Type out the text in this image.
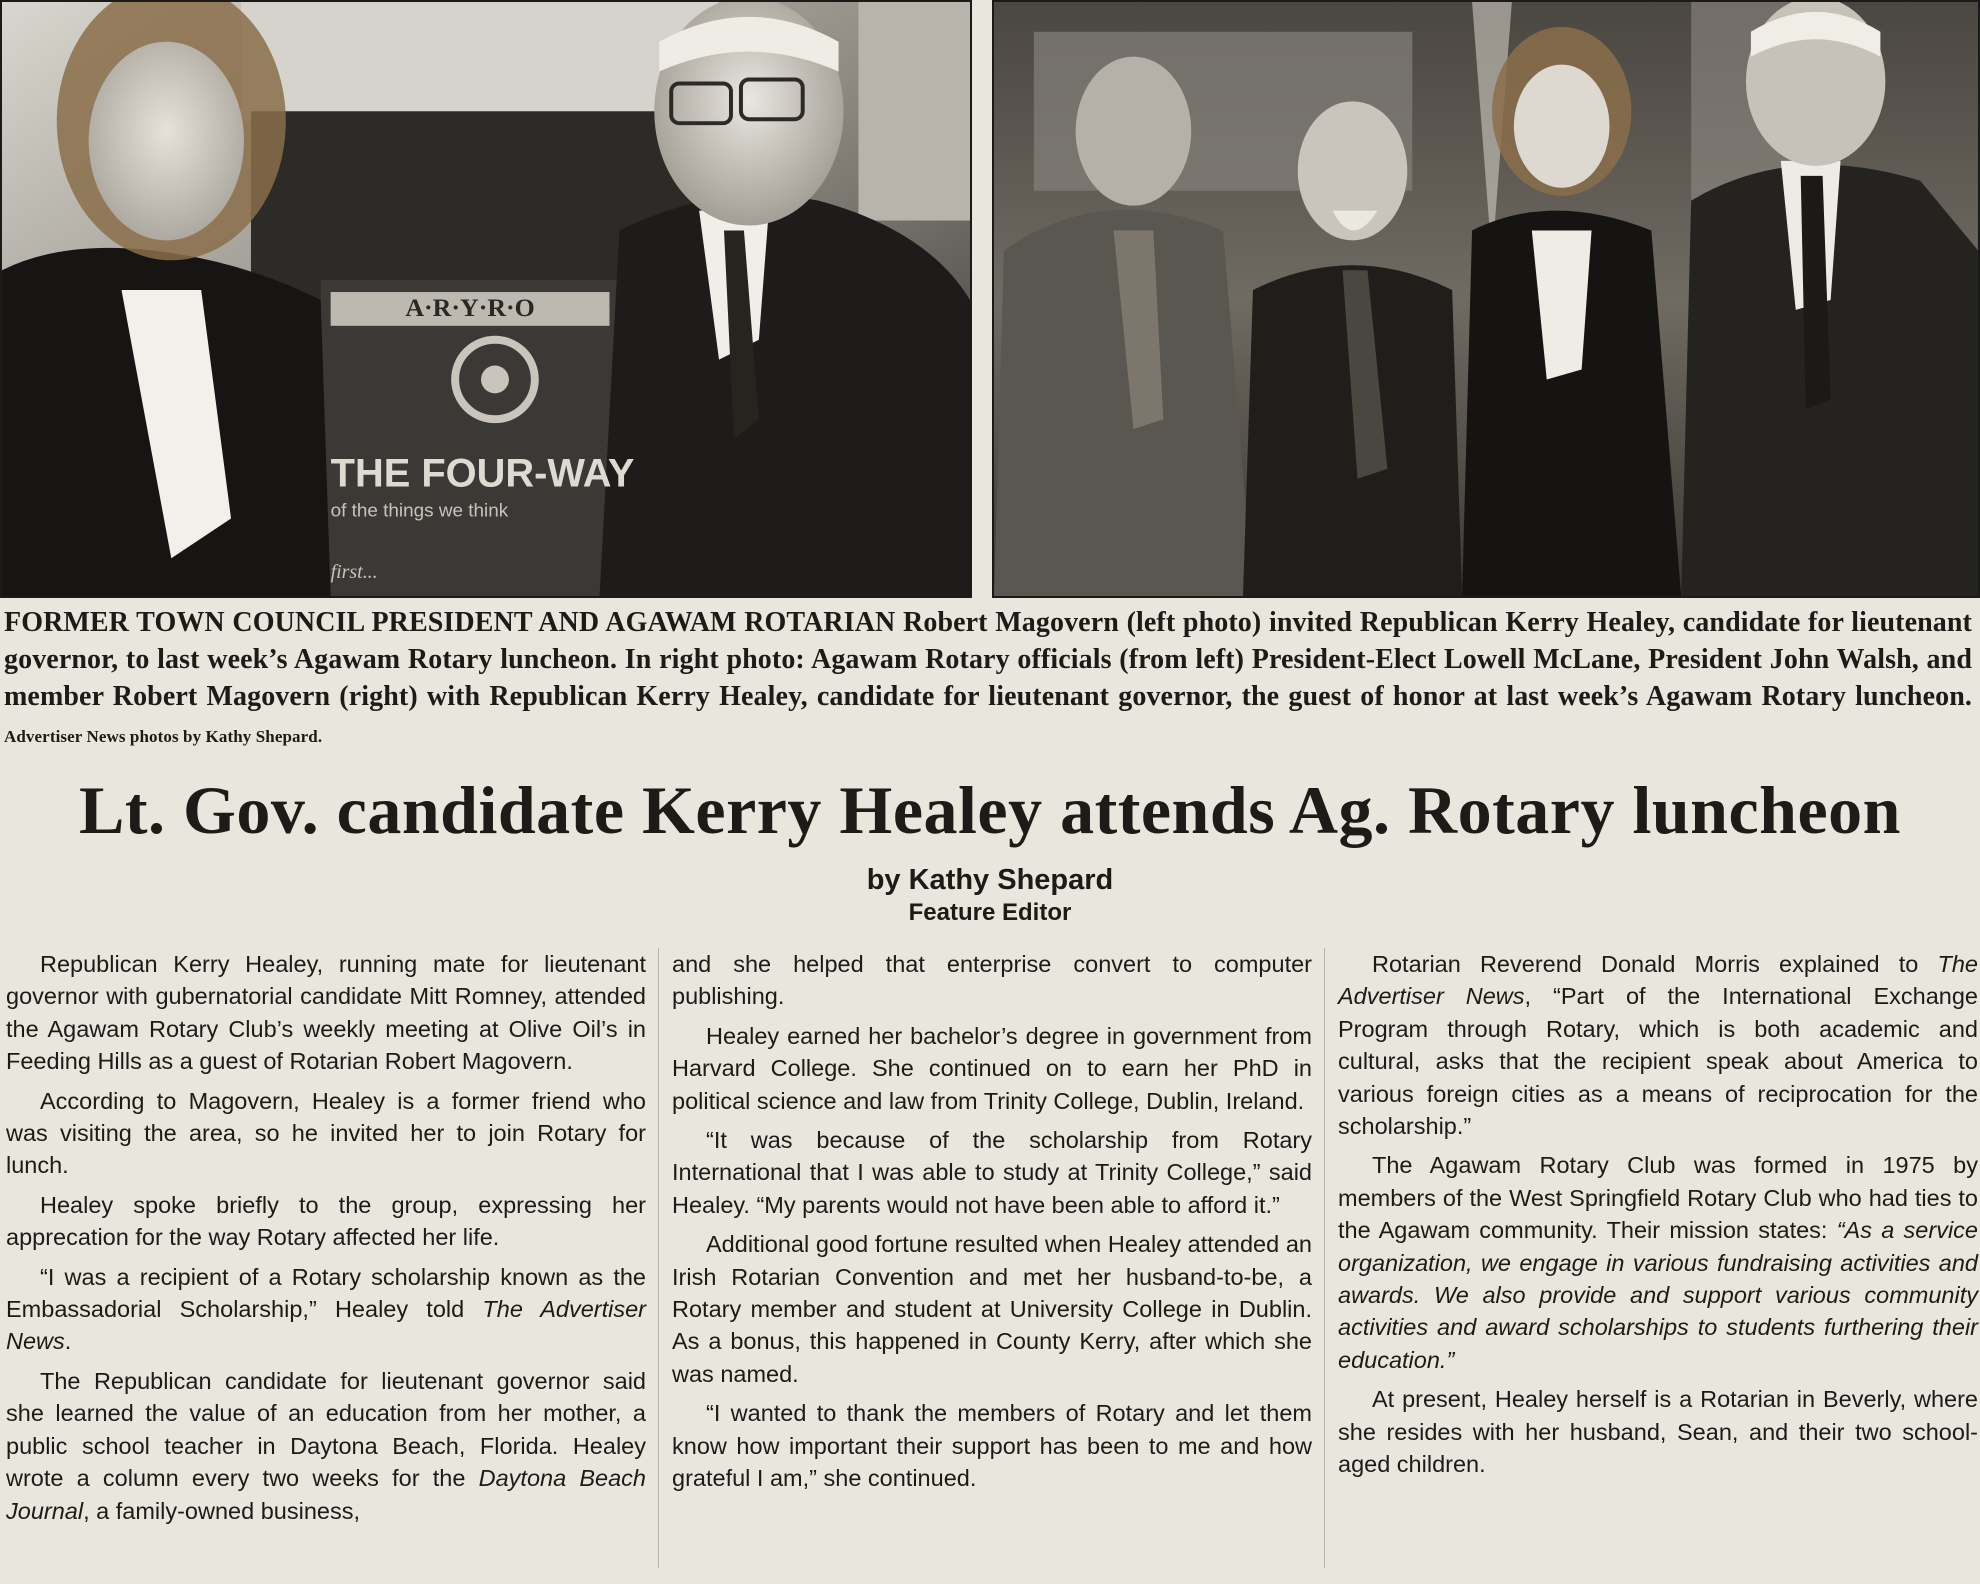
A·R·Y·R·O
THE FOUR-WAY
of the things we think
first...
FORMER TOWN COUNCIL PRESIDENT AND AGAWAM ROTARIAN Robert Magovern (left photo) invited Republican Kerry Healey, candidate for lieutenant governor, to last week’s Agawam Rotary luncheon. In right photo: Agawam Rotary officials (from left) President-Elect Lowell McLane, President John Walsh, and member Robert Magovern (right) with Republican Kerry Healey, candidate for lieutenant governor, the guest of honor at last week’s Agawam Rotary luncheon. Advertiser News photos by Kathy Shepard.
Lt. Gov. candidate Kerry Healey attends Ag. Rotary luncheon
by Kathy Shepard
Feature Editor

Republican Kerry Healey, running mate for lieutenant governor with gubernatorial candidate Mitt Romney, attended the Agawam Rotary Club’s weekly meeting at Olive Oil’s in Feeding Hills as a guest of Rotarian Robert Magovern.

According to Magovern, Healey is a former friend who was visiting the area, so he invited her to join Rotary for lunch.

Healey spoke briefly to the group, expressing her apprecation for the way Rotary affected her life.

“I was a recipient of a Rotary scholarship known as the Embassadorial Scholarship,” Healey told The Advertiser News.

The Republican candidate for lieutenant governor said she learned the value of an education from her mother, a public school teacher in Daytona Beach, Florida. Healey wrote a column every two weeks for the Daytona Beach Journal, a family-owned business,

and she helped that enterprise convert to computer publishing.

Healey earned her bachelor’s degree in government from Harvard College. She continued on to earn her PhD in political science and law from Trinity College, Dublin, Ireland.

“It was because of the scholarship from Rotary International that I was able to study at Trinity College,” said Healey. “My parents would not have been able to afford it.”

Additional good fortune resulted when Healey attended an Irish Rotarian Convention and met her husband-to-be, a Rotary member and student at University College in Dublin. As a bonus, this happened in County Kerry, after which she was named.

“I wanted to thank the members of Rotary and let them know how important their support has been to me and how grateful I am,” she continued.

Rotarian Reverend Donald Morris explained to The Advertiser News, “Part of the International Exchange Program through Rotary, which is both academic and cultural, asks that the recipient speak about America to various foreign cities as a means of reciprocation for the scholarship.”

The Agawam Rotary Club was formed in 1975 by members of the West Springfield Rotary Club who had ties to the Agawam community. Their mission states: “As a service organization, we engage in various fundraising activities and awards. We also provide and support various community activities and award scholarships to students furthering their education.”

At present, Healey herself is a Rotarian in Beverly, where she resides with her husband, Sean, and their two school-aged children.
